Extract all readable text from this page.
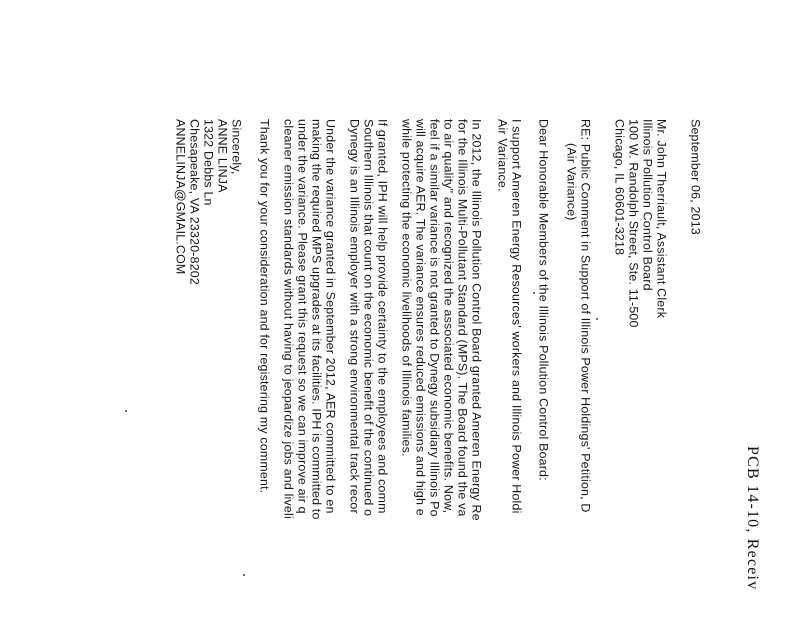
PCB 14-10, Receiv
September 06, 2013
Mr. John Therriault, Assistant Clerk
Illinois Pollution Control Board
100 W. Randolph Street, Ste. 11-500
Chicago, IL 60601-3218
RE: Public Comment in Support of Illinois Power Holdings' Petition, D
(Air Variance)
Dear Honorable Members of the Illinois Pollution Control Board:
I support Ameren Energy Resources' workers and Illinois Power Holdi
Air Variance.
In 2012, the Illinois Pollution Control Board granted Ameren Energy Re
for the Illinois Multi-Pollutant Standard (MPS). The Board found the va
to air quality" and recognized the associated economic benefits. Now,
feel if a similar variance is not granted to Dynegy subsidiary Illinois Po
will acquire AER. The variance ensures reduced emissions and high e
while protecting the economic livelihoods of Illinois families.
If granted, IPH will help provide certainty to the employees and comm
Southern Illinois that count on the economic benefit of the continued o
Dynegy is an Illinois employer with a strong environmental track recor
Under the variance granted in September 2012, AER committed to en
making the required MPS upgrades at its facilities. IPH is committed to
under the variance. Please grant this request so we can improve air q
cleaner emission standards without having to jeopardize jobs and liveli
Thank you for your consideration and for registering my comment.
Sincerely,
ANNE LINJA
1322 Debbs Ln
Chesapeake, VA 23320-8202
ANNELINJA@GMAIL.COM
